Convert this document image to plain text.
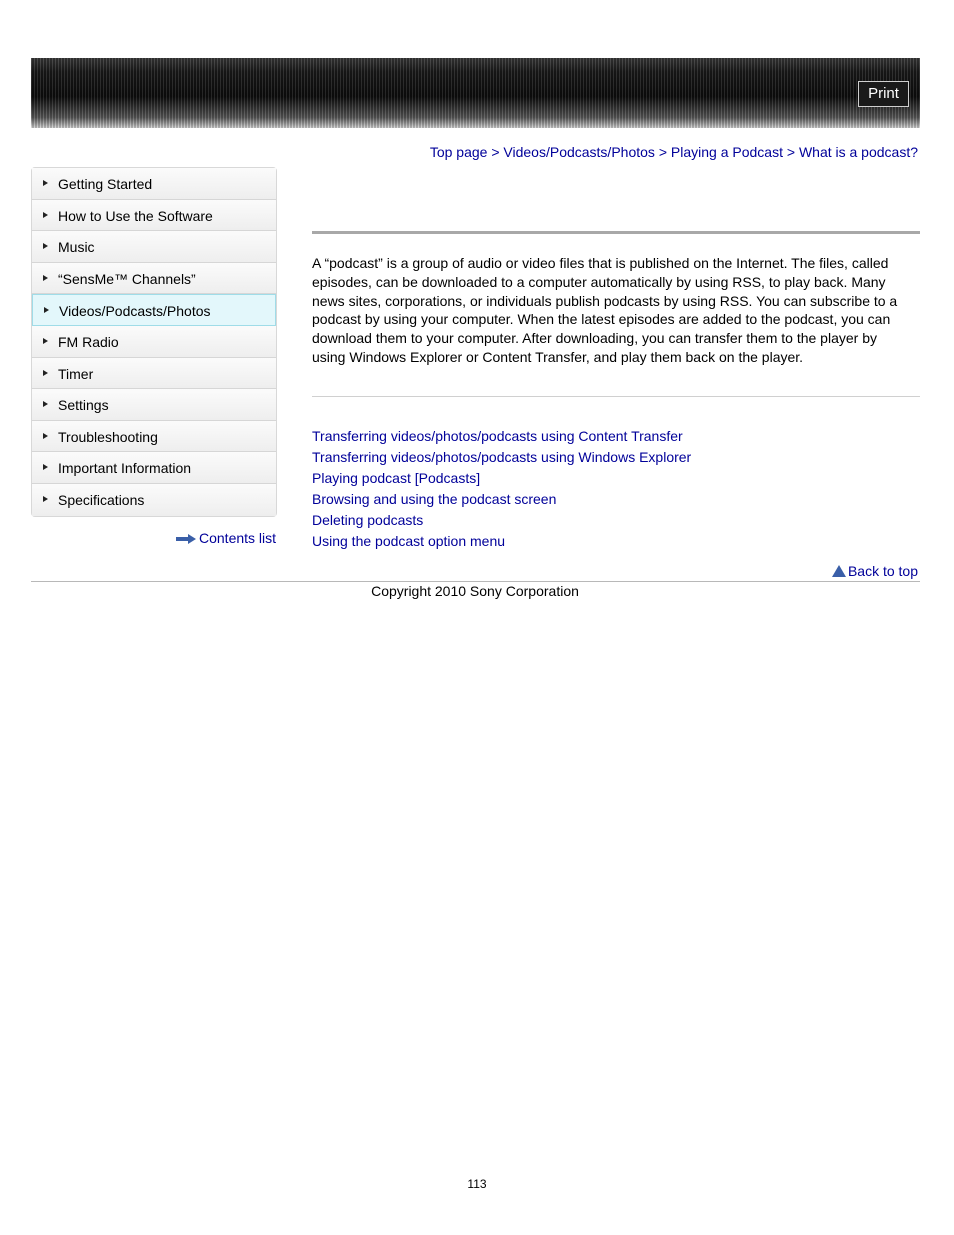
Print
Top page > Videos/Podcasts/Photos > Playing a Podcast > What is a podcast?
Getting Started
How to Use the Software
Music
“SensMe™ Channels”
Videos/Podcasts/Photos
FM Radio
Timer
Settings
Troubleshooting
Important Information
Specifications
Contents list
A “podcast” is a group of audio or video files that is published on the Internet. The files, called episodes, can be downloaded to a computer automatically by using RSS, to play back. Many news sites, corporations, or individuals publish podcasts by using RSS. You can subscribe to a podcast by using your computer. When the latest episodes are added to the podcast, you can download them to your computer. After downloading, you can transfer them to the player by using Windows Explorer or Content Transfer, and play them back on the player.
Transferring videos/photos/podcasts using Content Transfer
Transferring videos/photos/podcasts using Windows Explorer
Playing podcast [Podcasts]
Browsing and using the podcast screen
Deleting podcasts
Using the podcast option menu
Back to top
Copyright 2010 Sony Corporation
113
